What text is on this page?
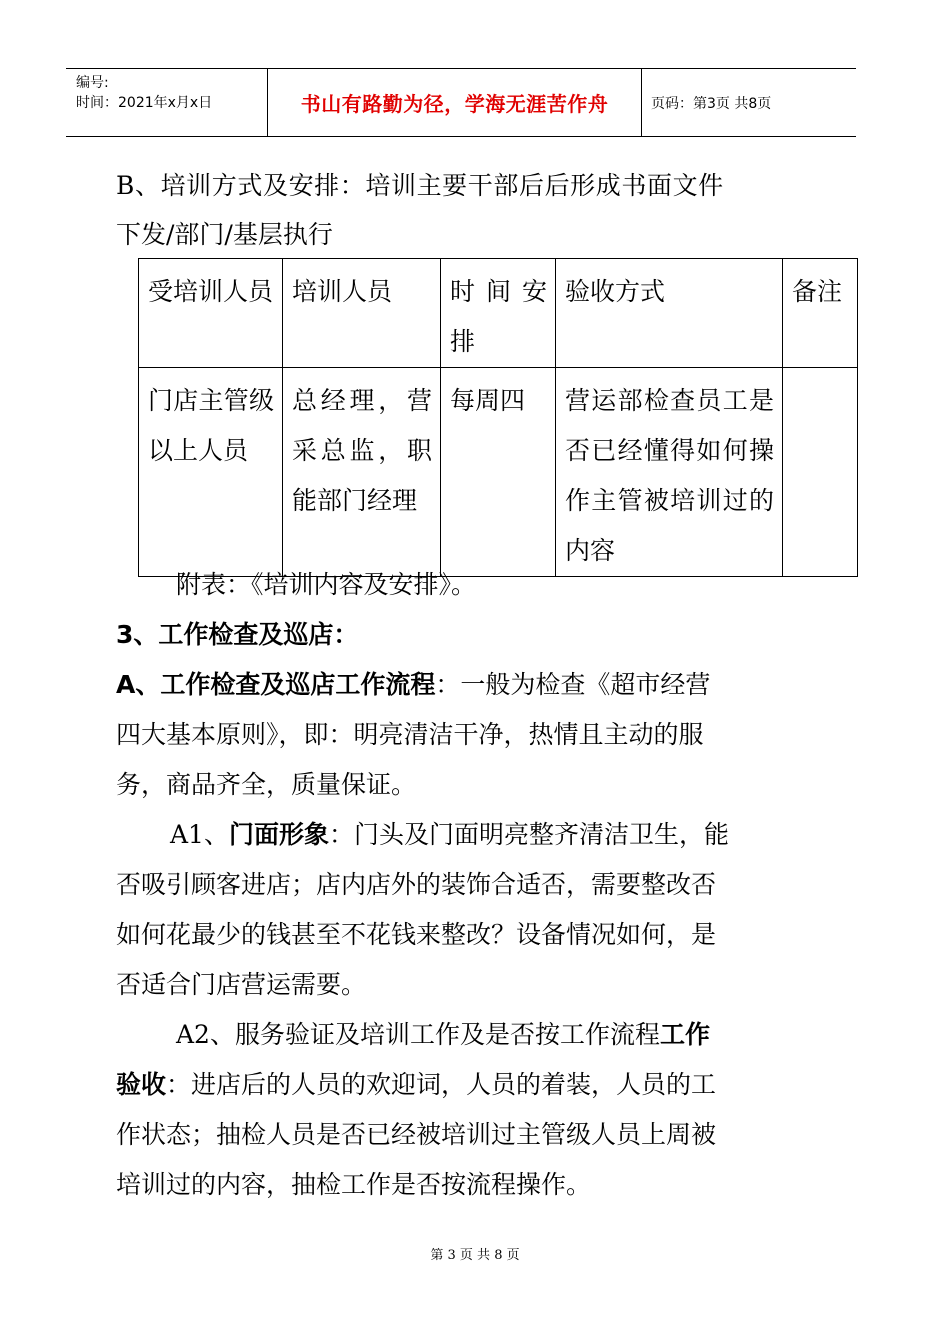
编号:
时间：2021年x月x日	书山有路勤为径，学海无涯苦作舟	页码：第3页 共8页
B、培训方式及安排：培训主要干部后后形成书面文件
下发/部门/基层执行
受培训人员	培训人员	时间安排	验收方式	备注
门店主管级以上人员	总经理，营采总监，职能部门经理	每周四	营运部检查员工是否已经懂得如何操作主管被培训过的内容	
附表：《培训内容及安排》。
3、工作检查及巡店：
A、工作检查及巡店工作流程：一般为检查《超市经营
四大基本原则》，即：明亮清洁干净，热情且主动的服
务，商品齐全，质量保证。
A1、门面形象：门头及门面明亮整齐清洁卫生，能
否吸引顾客进店；店内店外的装饰合适否，需要整改否
如何花最少的钱甚至不花钱来整改？设备情况如何，是
否适合门店营运需要。
A2、服务验证及培训工作及是否按工作流程工作
验收：进店后的人员的欢迎词，人员的着装，人员的工
作状态；抽检人员是否已经被培训过主管级人员上周被
培训过的内容，抽检工作是否按流程操作。
第 3 页 共 8 页
